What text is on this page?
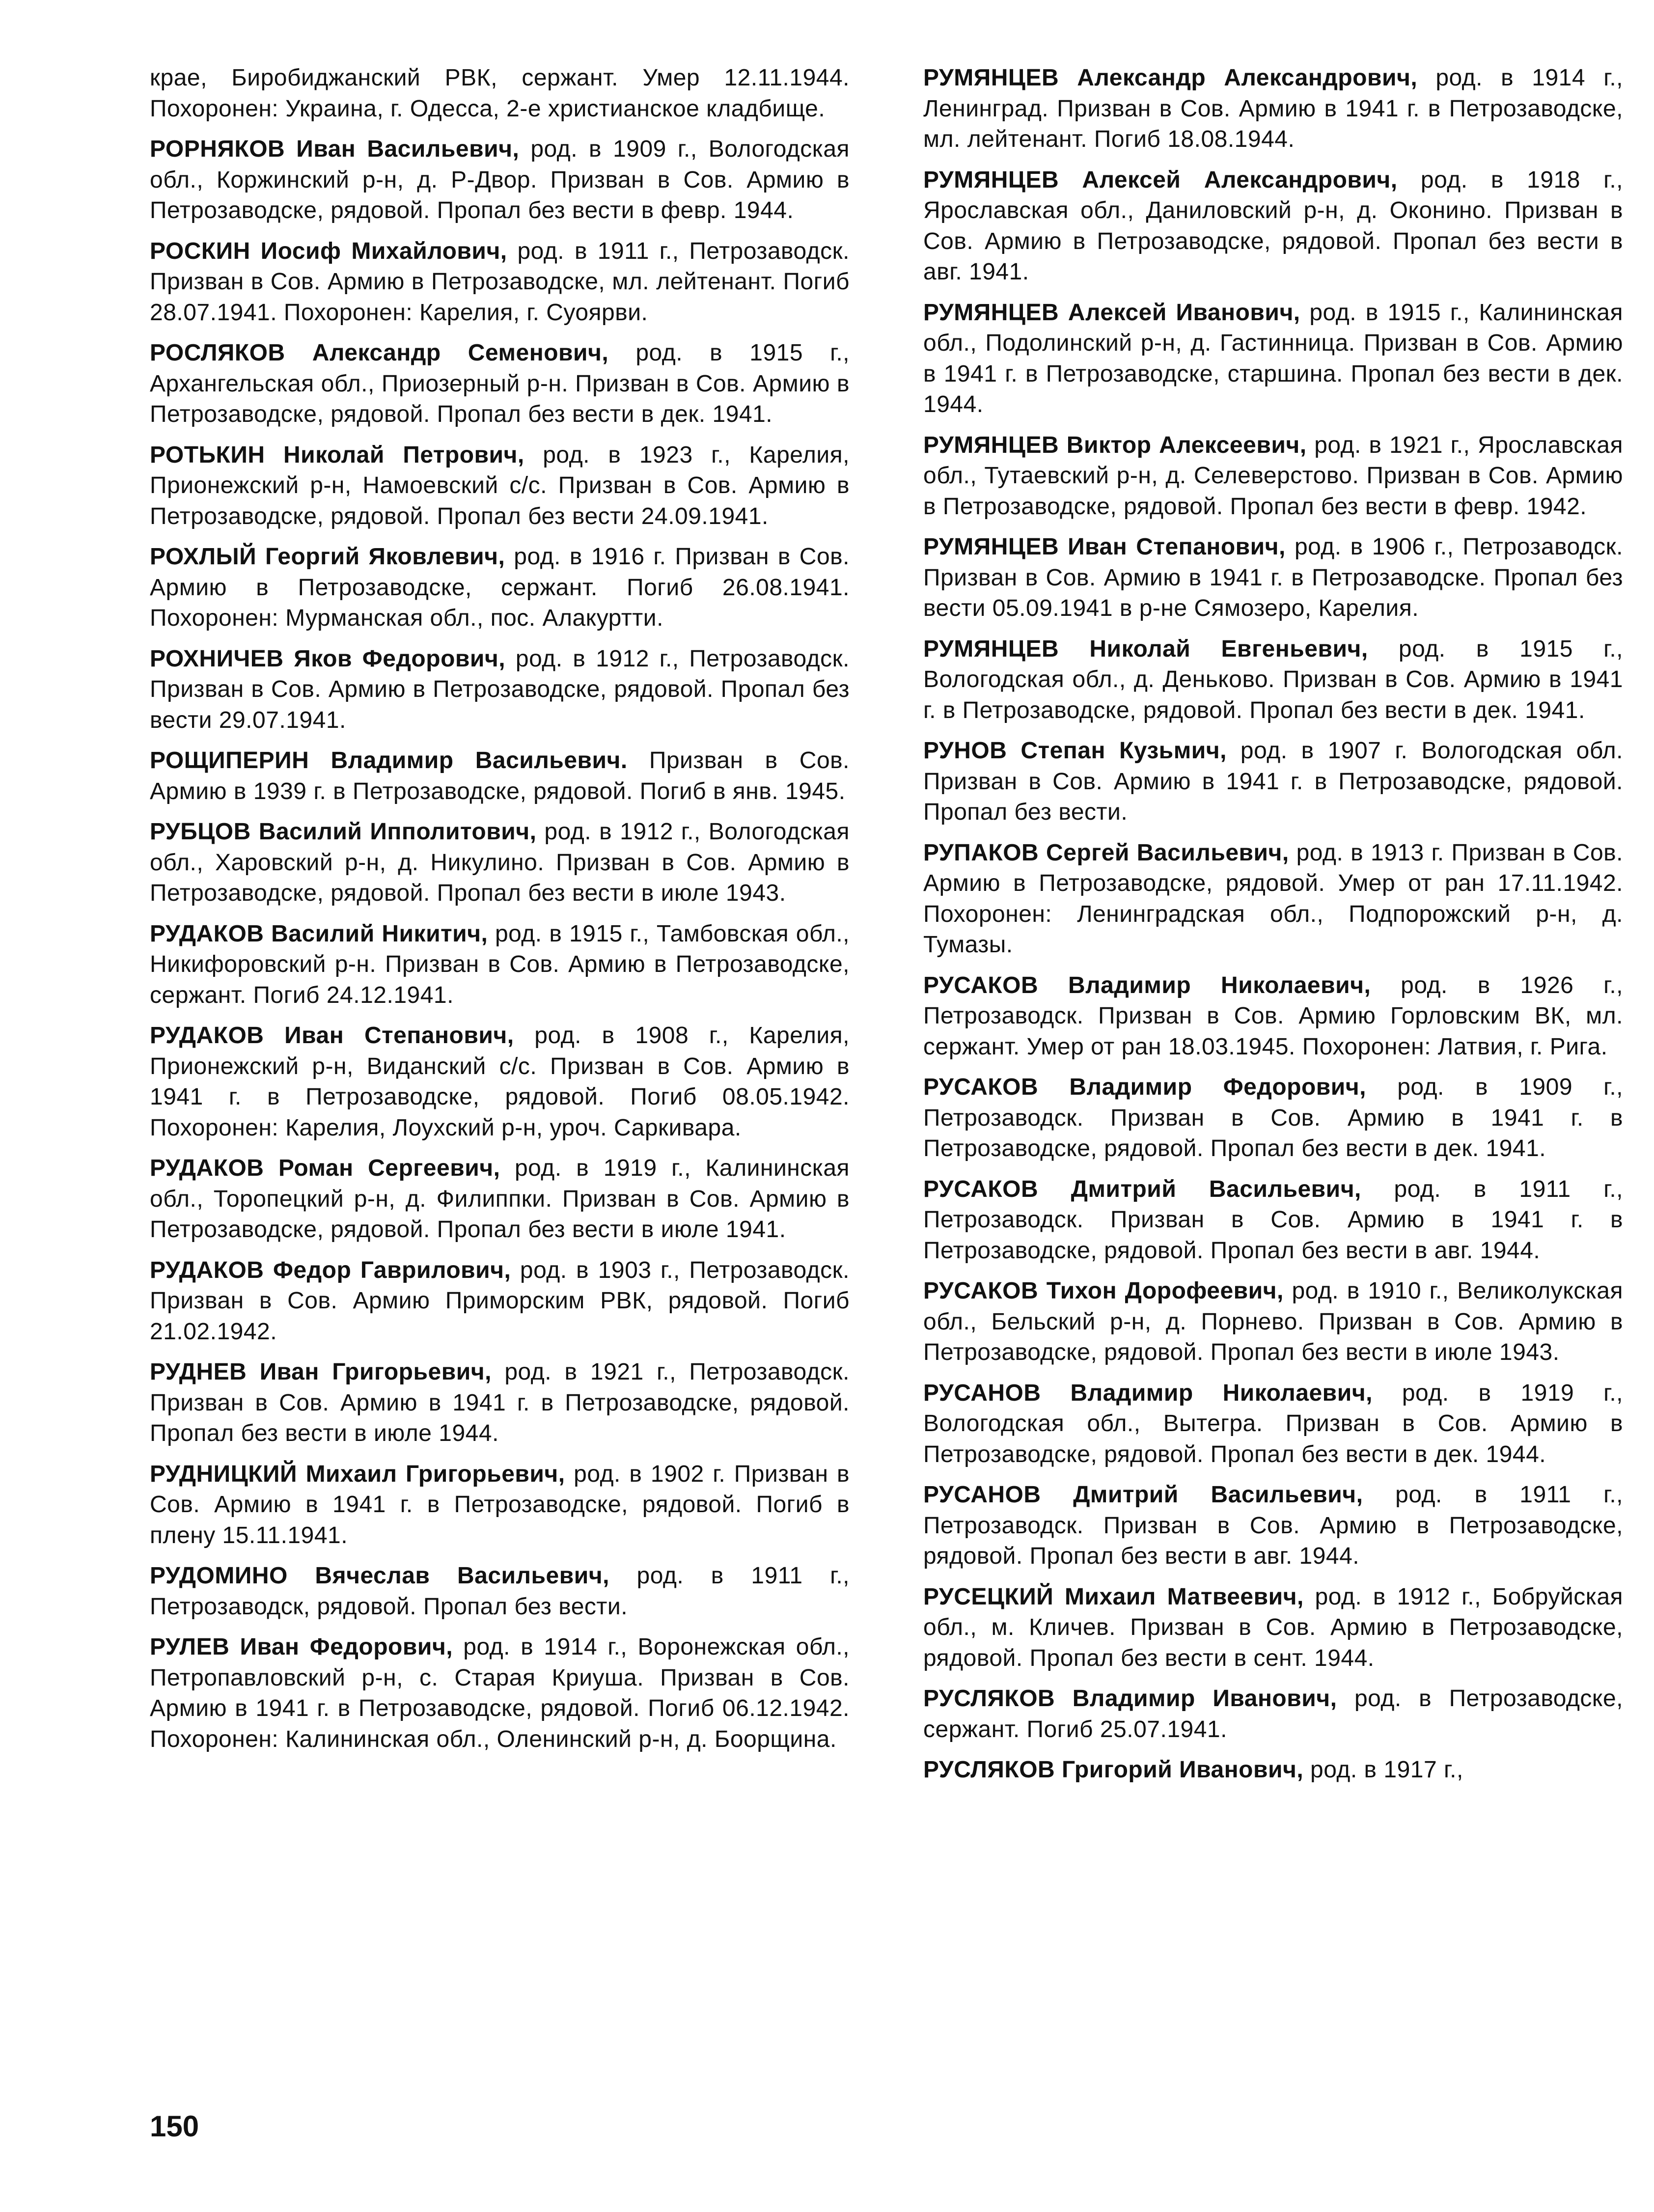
крае, Биробиджанский РВК, сержант. Умер 12.11.1944. Похоронен: Украина, г. Одесса, 2-е христианское кладбище.

РОРНЯКОВ Иван Васильевич, род. в 1909 г., Вологодская обл., Коржинский р-н, д. Р-Двор. Призван в Сов. Армию в Петрозаводске, рядовой. Пропал без вести в февр. 1944.

РОСКИН Иосиф Михайлович, род. в 1911 г., Петрозаводск. Призван в Сов. Армию в Петрозаводске, мл. лейтенант. Погиб 28.07.1941. Похоронен: Карелия, г. Суоярви.

РОСЛЯКОВ Александр Семенович, род. в 1915 г., Архангельская обл., Приозерный р-н. Призван в Сов. Армию в Петрозаводске, рядовой. Пропал без вести в дек. 1941.

РОТЬКИН Николай Петрович, род. в 1923 г., Карелия, Прионежский р-н, Намоевский с/с. Призван в Сов. Армию в Петрозаводске, рядовой. Пропал без вести 24.09.1941.

РОХЛЫЙ Георгий Яковлевич, род. в 1916 г. Призван в Сов. Армию в Петрозаводске, сержант. Погиб 26.08.1941. Похоронен: Мурманская обл., пос. Алакуртти.

РОХНИЧЕВ Яков Федорович, род. в 1912 г., Петрозаводск. Призван в Сов. Армию в Петрозаводске, рядовой. Пропал без вести 29.07.1941.

РОЩИПЕРИН Владимир Васильевич. Призван в Сов. Армию в 1939 г. в Петрозаводске, рядовой. Погиб в янв. 1945.

РУБЦОВ Василий Ипполитович, род. в 1912 г., Вологодская обл., Харовский р-н, д. Никулино. Призван в Сов. Армию в Петрозаводске, рядовой. Пропал без вести в июле 1943.

РУДАКОВ Василий Никитич, род. в 1915 г., Тамбовская обл., Никифоровский р-н. Призван в Сов. Армию в Петрозаводске, сержант. Погиб 24.12.1941.

РУДАКОВ Иван Степанович, род. в 1908 г., Карелия, Прионежский р-н, Виданский с/с. Призван в Сов. Армию в 1941 г. в Петрозаводске, рядовой. Погиб 08.05.1942. Похоронен: Карелия, Лоухский р-н, уроч. Саркивара.

РУДАКОВ Роман Сергеевич, род. в 1919 г., Калининская обл., Торопецкий р-н, д. Филиппки. Призван в Сов. Армию в Петрозаводске, рядовой. Пропал без вести в июле 1941.

РУДАКОВ Федор Гаврилович, род. в 1903 г., Петрозаводск. Призван в Сов. Армию Приморским РВК, рядовой. Погиб 21.02.1942.

РУДНЕВ Иван Григорьевич, род. в 1921 г., Петрозаводск. Призван в Сов. Армию в 1941 г. в Петрозаводске, рядовой. Пропал без вести в июле 1944.

РУДНИЦКИЙ Михаил Григорьевич, род. в 1902 г. Призван в Сов. Армию в 1941 г. в Петрозаводске, рядовой. Погиб в плену 15.11.1941.

РУДОМИНО Вячеслав Васильевич, род. в 1911 г., Петрозаводск, рядовой. Пропал без вести.

РУЛЕВ Иван Федорович, род. в 1914 г., Воронежская обл., Петропавловский р-н, с. Старая Криуша. Призван в Сов. Армию в 1941 г. в Петрозаводске, рядовой. Погиб 06.12.1942. Похоронен: Калининская обл., Оленинский р-н, д. Боорщина.

РУМЯНЦЕВ Александр Александрович, род. в 1914 г., Ленинград. Призван в Сов. Армию в 1941 г. в Петрозаводске, мл. лейтенант. Погиб 18.08.1944.

РУМЯНЦЕВ Алексей Александрович, род. в 1918 г., Ярославская обл., Даниловский р-н, д. Оконино. Призван в Сов. Армию в Петрозаводске, рядовой. Пропал без вести в авг. 1941.

РУМЯНЦЕВ Алексей Иванович, род. в 1915 г., Калининская обл., Подолинский р-н, д. Гастинница. Призван в Сов. Армию в 1941 г. в Петрозаводске, старшина. Пропал без вести в дек. 1944.

РУМЯНЦЕВ Виктор Алексеевич, род. в 1921 г., Ярославская обл., Тутаевский р-н, д. Селеверстово. Призван в Сов. Армию в Петрозаводске, рядовой. Пропал без вести в февр. 1942.

РУМЯНЦЕВ Иван Степанович, род. в 1906 г., Петрозаводск. Призван в Сов. Армию в 1941 г. в Петрозаводске. Пропал без вести 05.09.1941 в р-не Сямозеро, Карелия.

РУМЯНЦЕВ Николай Евгеньевич, род. в 1915 г., Вологодская обл., д. Деньково. Призван в Сов. Армию в 1941 г. в Петрозаводске, рядовой. Пропал без вести в дек. 1941.

РУНОВ Степан Кузьмич, род. в 1907 г. Вологодская обл. Призван в Сов. Армию в 1941 г. в Петрозаводске, рядовой. Пропал без вести.

РУПАКОВ Сергей Васильевич, род. в 1913 г. Призван в Сов. Армию в Петрозаводске, рядовой. Умер от ран 17.11.1942. Похоронен: Ленинградская обл., Подпорожский р-н, д. Тумазы.

РУСАКОВ Владимир Николаевич, род. в 1926 г., Петрозаводск. Призван в Сов. Армию Горловским ВК, мл. сержант. Умер от ран 18.03.1945. Похоронен: Латвия, г. Рига.

РУСАКОВ Владимир Федорович, род. в 1909 г., Петрозаводск. Призван в Сов. Армию в 1941 г. в Петрозаводске, рядовой. Пропал без вести в дек. 1941.

РУСАКОВ Дмитрий Васильевич, род. в 1911 г., Петрозаводск. Призван в Сов. Армию в 1941 г. в Петрозаводске, рядовой. Пропал без вести в авг. 1944.

РУСАКОВ Тихон Дорофеевич, род. в 1910 г., Великолукская обл., Бельский р-н, д. Порнево. Призван в Сов. Армию в Петрозаводске, рядовой. Пропал без вести в июле 1943.

РУСАНОВ Владимир Николаевич, род. в 1919 г., Вологодская обл., Вытегра. Призван в Сов. Армию в Петрозаводске, рядовой. Пропал без вести в дек. 1944.

РУСАНОВ Дмитрий Васильевич, род. в 1911 г., Петрозаводск. Призван в Сов. Армию в Петрозаводске, рядовой. Пропал без вести в авг. 1944.

РУСЕЦКИЙ Михаил Матвеевич, род. в 1912 г., Бобруйская обл., м. Кличев. Призван в Сов. Армию в Петрозаводске, рядовой. Пропал без вести в сент. 1944.

РУСЛЯКОВ Владимир Иванович, род. в Петрозаводске, сержант. Погиб 25.07.1941.

РУСЛЯКОВ Григорий Иванович, род. в 1917 г.,

150
